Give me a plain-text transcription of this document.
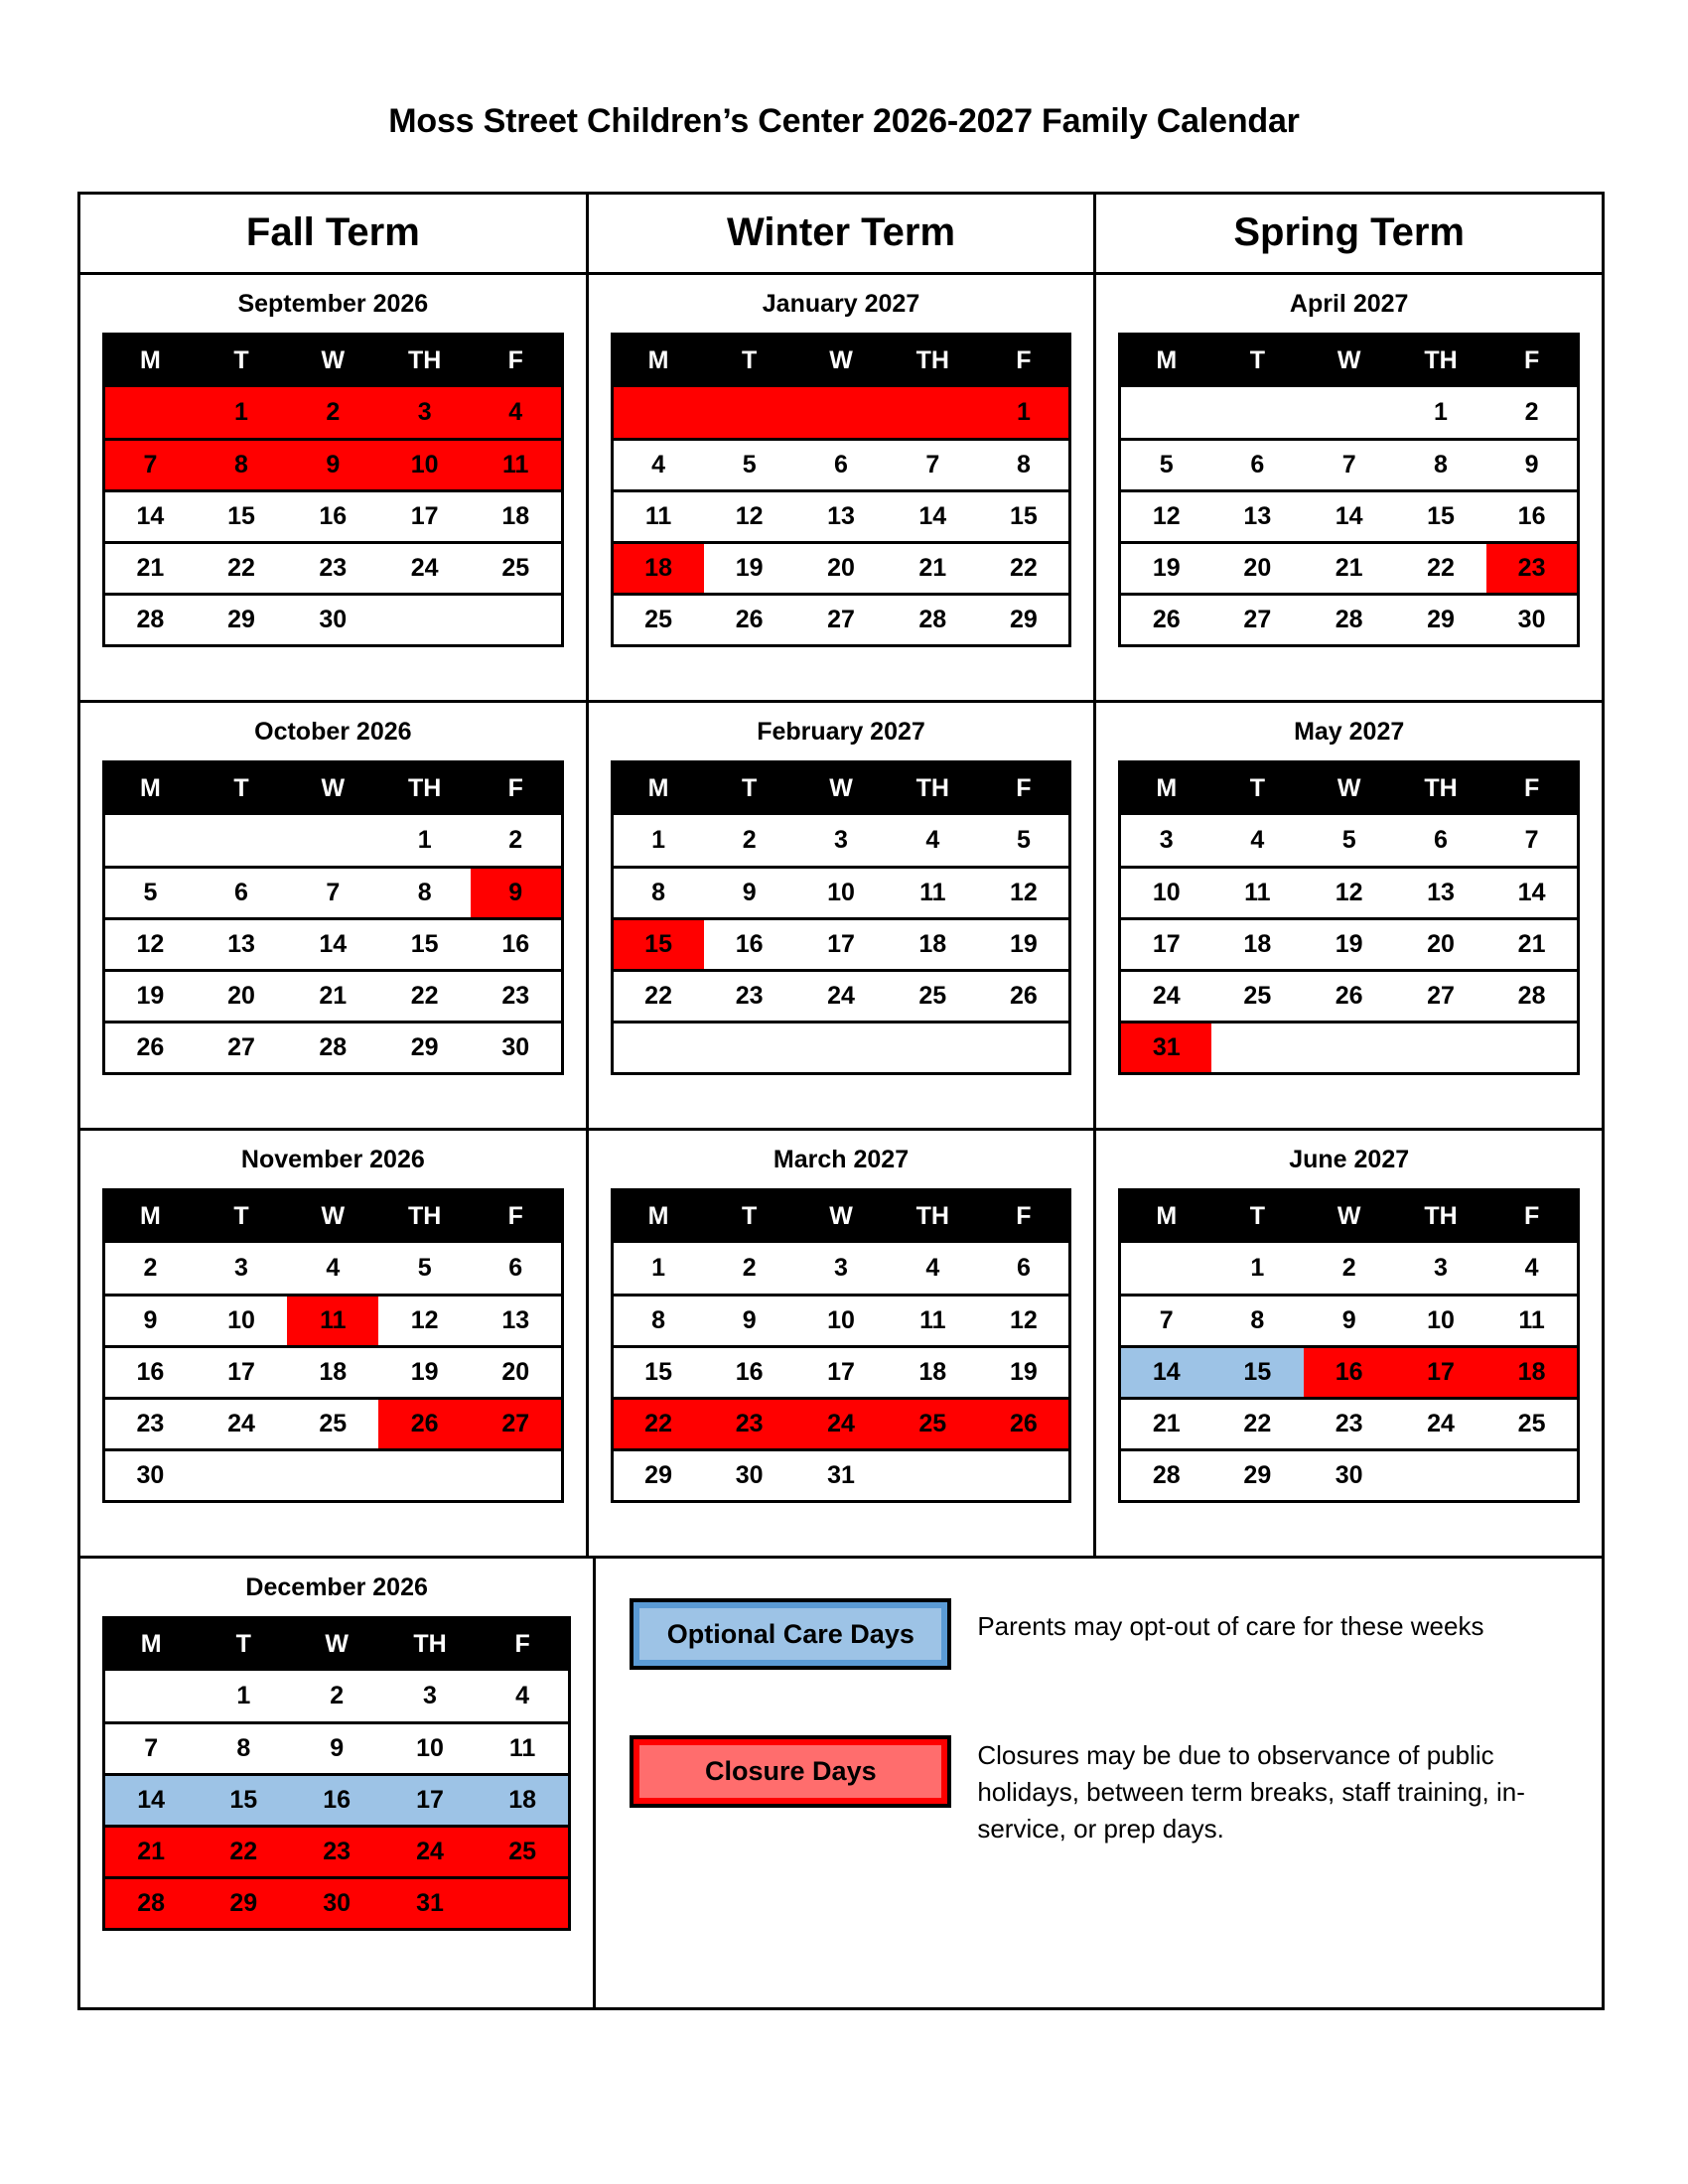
Moss Street Children’s Center 2026-2027 Family Calendar
Fall Term	Winter Term	Spring Term
September 2026
M	T	W	TH	F
	1	2	3	4
7	8	9	10	11
14	15	16	17	18
21	22	23	24	25
28	29	30		
January 2027
M	T	W	TH	F
				1
4	5	6	7	8
11	12	13	14	15
18	19	20	21	22
25	26	27	28	29
April 2027
M	T	W	TH	F
			1	2
5	6	7	8	9
12	13	14	15	16
19	20	21	22	23
26	27	28	29	30
October 2026
M	T	W	TH	F
			1	2
5	6	7	8	9
12	13	14	15	16
19	20	21	22	23
26	27	28	29	30
February 2027
M	T	W	TH	F
1	2	3	4	5
8	9	10	11	12
15	16	17	18	19
22	23	24	25	26

May 2027
M	T	W	TH	F
3	4	5	6	7
10	11	12	13	14
17	18	19	20	21
24	25	26	27	28
31				
November 2026
M	T	W	TH	F
2	3	4	5	6
9	10	11	12	13
16	17	18	19	20
23	24	25	26	27
30				
March 2027
M	T	W	TH	F
1	2	3	4	6
8	9	10	11	12
15	16	17	18	19
22	23	24	25	26
29	30	31		
June 2027
M	T	W	TH	F
	1	2	3	4
7	8	9	10	11
14	15	16	17	18
21	22	23	24	25
28	29	30		
December 2026
M	T	W	TH	F
	1	2	3	4
7	8	9	10	11
14	15	16	17	18
21	22	23	24	25
28	29	30	31	
Optional Care Days	Parents may opt-out of care for these weeks
Closure Days
Closures may be due to observance of public holidays, between term breaks, staff training, in-service, or prep days.
